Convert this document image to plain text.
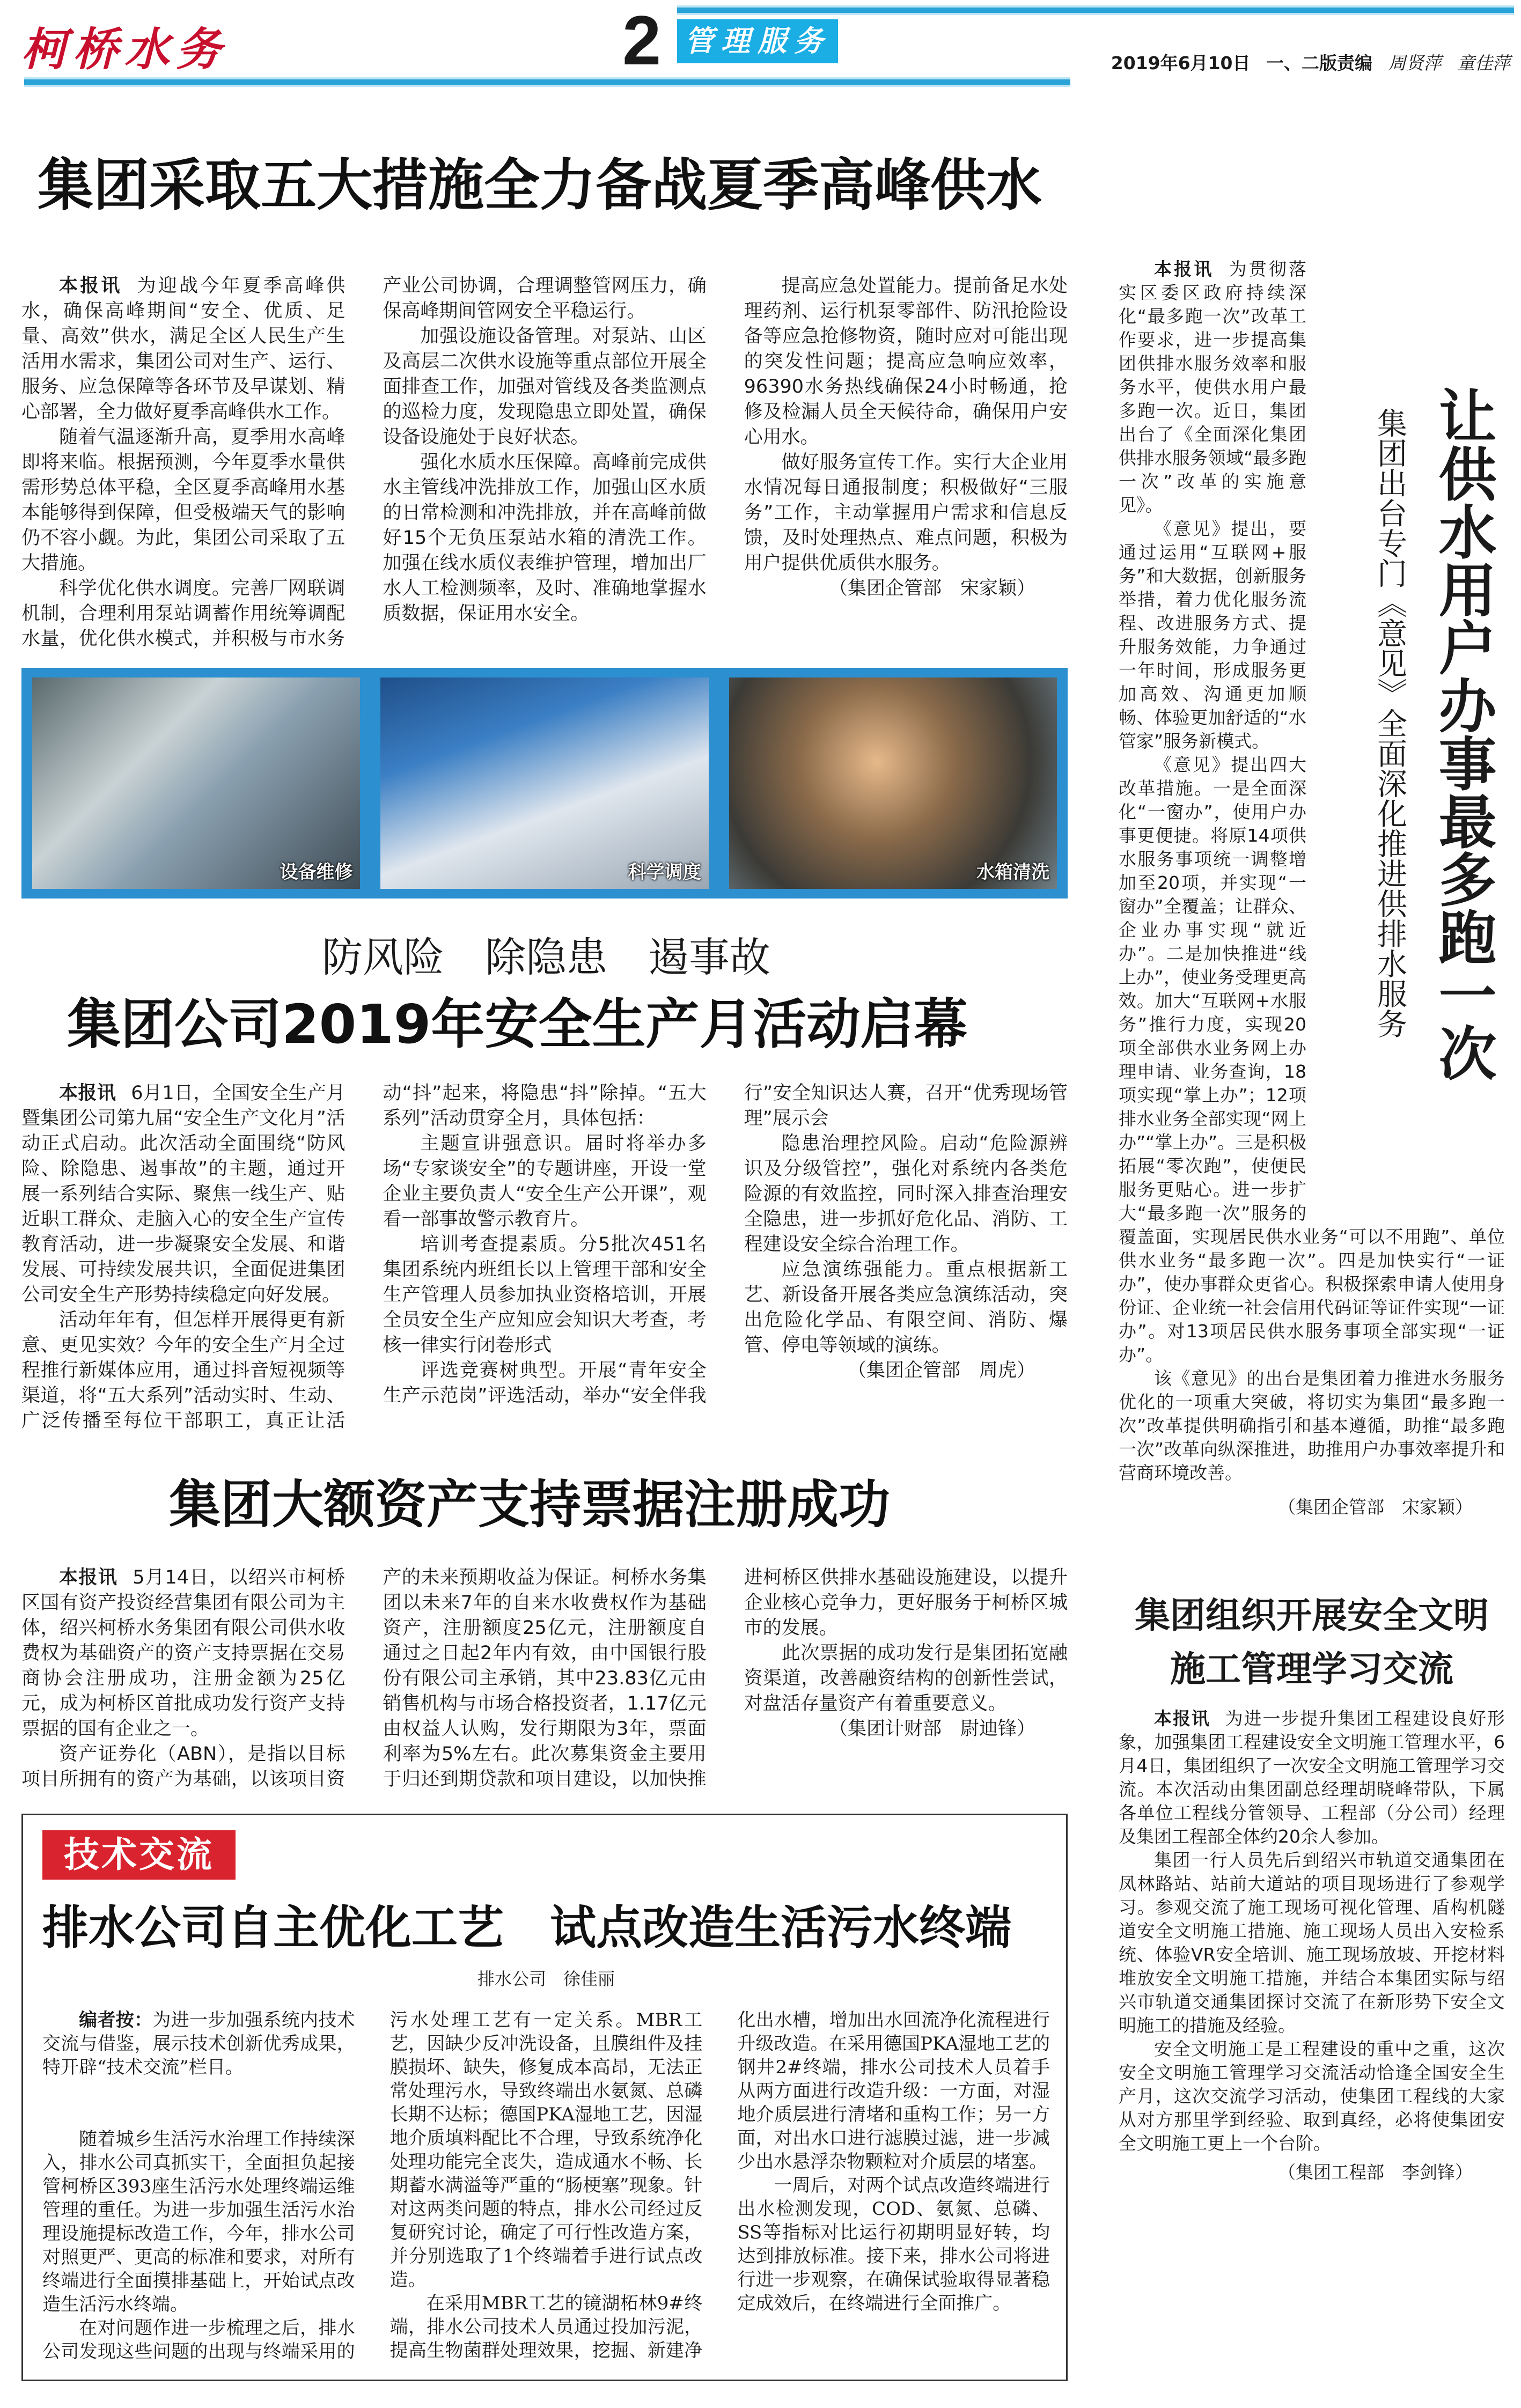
柯桥水务	2 管理服务
2019年6月10日 一、二版责编 周贤萍 童佳萍
集团采取五大措施全力备战夏季高峰供水

本报讯 为迎战今年夏季高峰供水，确保高峰期间“安全、优质、足量、高效”供水，满足全区人民生产生活用水需求，集团公司对生产、运行、服务、应急保障等各环节及早谋划、精心部署，全力做好夏季高峰供水工作。

随着气温逐渐升高，夏季用水高峰即将来临。根据预测，今年夏季水量供需形势总体平稳，全区夏季高峰用水基本能够得到保障，但受极端天气的影响仍不容小觑。为此，集团公司采取了五大措施。

科学优化供水调度。完善厂网联调机制，合理利用泵站调蓄作用统筹调配水量，优化供水模式，并积极与市水务产业公司协调，合理调整管网压力，确保高峰期间管网安全平稳运行。

加强设施设备管理。对泵站、山区及高层二次供水设施等重点部位开展全面排查工作，加强对管线及各类监测点的巡检力度，发现隐患立即处置，确保设备设施处于良好状态。

强化水质水压保障。高峰前完成供水主管线冲洗排放工作，加强山区水质的日常检测和冲洗排放，并在高峰前做好15个无负压泵站水箱的清洗工作。加强在线水质仪表维护管理，增加出厂水人工检测频率，及时、准确地掌握水质数据，保证用水安全。

提高应急处置能力。提前备足水处理药剂、运行机泵零部件、防汛抢险设备等应急抢修物资，随时应对可能出现的突发性问题；提高应急响应效率，96390水务热线确保24小时畅通，抢修及检漏人员全天候待命，确保用户安心用水。

做好服务宣传工作。实行大企业用水情况每日通报制度；积极做好“三服务”工作，主动掌握用户需求和信息反馈，及时处理热点、难点问题，积极为用户提供优质供水服务。

（集团企管部　宋家颖）

设备维修	科学调度	水箱清洗
防风险　除隐患　遏事故
集团公司2019年安全生产月活动启幕

本报讯 6月1日，全国安全生产月暨集团公司第九届“安全生产文化月”活动正式启动。此次活动全面围绕“防风险、除隐患、遏事故”的主题，通过开展一系列结合实际、聚焦一线生产、贴近职工群众、走脑入心的安全生产宣传教育活动，进一步凝聚安全发展、和谐发展、可持续发展共识，全面促进集团公司安全生产形势持续稳定向好发展。

活动年年有，但怎样开展得更有新意、更见实效？今年的安全生产月全过程推行新媒体应用，通过抖音短视频等渠道，将“五大系列”活动实时、生动、广泛传播至每位干部职工，真正让活动“抖”起来，将隐患“抖”除掉。“五大系列”活动贯穿全月，具体包括：

主题宣讲强意识。届时将举办多场“专家谈安全”的专题讲座，开设一堂企业主要负责人“安全生产公开课”，观看一部事故警示教育片。

培训考查提素质。分5批次451名集团系统内班组长以上管理干部和安全生产管理人员参加执业资格培训，开展全员安全生产应知应会知识大考查，考核一律实行闭卷形式

评选竞赛树典型。开展“青年安全生产示范岗”评选活动，举办“安全伴我行”安全知识达人赛，召开“优秀现场管理”展示会

隐患治理控风险。启动“危险源辨识及分级管控”，强化对系统内各类危险源的有效监控，同时深入排查治理安全隐患，进一步抓好危化品、消防、工程建设安全综合治理工作。

应急演练强能力。重点根据新工艺、新设备开展各类应急演练活动，突出危险化学品、有限空间、消防、爆管、停电等领域的演练。

（集团企管部　周虎）

集团大额资产支持票据注册成功

本报讯 5月14日，以绍兴市柯桥区国有资产投资经营集团有限公司为主体，绍兴柯桥水务集团有限公司供水收费权为基础资产的资产支持票据在交易商协会注册成功，注册金额为25亿元，成为柯桥区首批成功发行资产支持票据的国有企业之一。

资产证券化（ABN），是指以目标项目所拥有的资产为基础，以该项目资产的未来预期收益为保证。柯桥水务集团以未来7年的自来水收费权作为基础资产，注册额度25亿元，注册额度自通过之日起2年内有效，由中国银行股份有限公司主承销，其中23.83亿元由销售机构与市场合格投资者，1.17亿元由权益人认购，发行期限为3年，票面利率为5%左右。此次募集资金主要用于归还到期贷款和项目建设，以加快推进柯桥区供排水基础设施建设，以提升企业核心竞争力，更好服务于柯桥区城市的发展。

此次票据的成功发行是集团拓宽融资渠道，改善融资结构的创新性尝试，对盘活存量资产有着重要意义。

（集团计财部　尉迪锋）

技术交流
排水公司自主优化工艺　试点改造生活污水终端
排水公司　徐佳丽

编者按：为进一步加强系统内技术交流与借鉴，展示技术创新优秀成果，特开辟“技术交流”栏目。

随着城乡生活污水治理工作持续深入，排水公司真抓实干，全面担负起接管柯桥区393座生活污水处理终端运维管理的重任。为进一步加强生活污水治理设施提标改造工作，今年，排水公司对照更严、更高的标准和要求，对所有终端进行全面摸排基础上，开始试点改造生活污水终端。

在对问题作进一步梳理之后，排水公司发现这些问题的出现与终端采用的污水处理工艺有一定关系。MBR工艺，因缺少反冲洗设备，且膜组件及挂膜损坏、缺失，修复成本高昂，无法正常处理污水，导致终端出水氨氮、总磷长期不达标；德国PKA湿地工艺，因湿地介质填料配比不合理，导致系统净化处理功能完全丧失，造成通水不畅、长期蓄水满溢等严重的“肠梗塞”现象。针对这两类问题的特点，排水公司经过反复研究讨论，确定了可行性改造方案，并分别选取了1个终端着手进行试点改造。

在采用MBR工艺的镜湖柘林9#终端，排水公司技术人员通过投加污泥，提高生物菌群处理效果，挖掘、新建净化出水槽，增加出水回流净化流程进行升级改造。在采用德国PKA湿地工艺的钢井2#终端，排水公司技术人员着手从两方面进行改造升级：一方面，对湿地介质层进行清堵和重构工作；另一方面，对出水口进行滤膜过滤，进一步减少出水悬浮杂物颗粒对介质层的堵塞。

一周后，对两个试点改造终端进行出水检测发现，COD、氨氮、总磷、SS等指标对比运行初期明显好转，均达到排放标准。接下来，排水公司将进行进一步观察，在确保试验取得显著稳定成效后，在终端进行全面推广。

让供水用户办事最多跑一次
集团出台专门《意见》全面深化推进供排水服务

本报讯 为贯彻落实区委区政府持续深化“最多跑一次”改革工作要求，进一步提高集团供排水服务效率和服务水平，使供水用户最多跑一次。近日，集团出台了《全面深化集团供排水服务领域“最多跑一次”改革的实施意见》。

《意见》提出，要通过运用“互联网+服务”和大数据，创新服务举措，着力优化服务流程、改进服务方式、提升服务效能，力争通过一年时间，形成服务更加高效、沟通更加顺畅、体验更加舒适的“水管家”服务新模式。

《意见》提出四大改革措施。一是全面深化“一窗办”，使用户办事更便捷。将原14项供水服务事项统一调整增加至20项，并实现“一窗办”全覆盖；让群众、企业办事实现“就近办”。二是加快推进“线上办”，使业务受理更高效。加大“互联网+水服务”推行力度，实现20项全部供水业务网上办理申请、业务查询，18项实现“掌上办”；12项排水业务全部实现“网上办”“掌上办”。三是积极拓展“零次跑”，使便民服务更贴心。进一步扩大“最多跑一次”服务的覆盖面，实现居民供水业务“可以不用跑”、单位供水业务“最多跑一次”。四是加快实行“一证办”，使办事群众更省心。积极探索申请人使用身份证、企业统一社会信用代码证等证件实现“一证办”。对13项居民供水服务事项全部实现“一证办”。

该《意见》的出台是集团着力推进水务服务优化的一项重大突破，将切实为集团“最多跑一次”改革提供明确指引和基本遵循，助推“最多跑一次”改革向纵深推进，助推用户办事效率提升和营商环境改善。

（集团企管部　宋家颖）

集团组织开展安全文明
施工管理学习交流

本报讯 为进一步提升集团工程建设良好形象，加强集团工程建设安全文明施工管理水平，6月4日，集团组织了一次安全文明施工管理学习交流。本次活动由集团副总经理胡晓峰带队，下属各单位工程线分管领导、工程部（分公司）经理及集团工程部全体约20余人参加。

集团一行人员先后到绍兴市轨道交通集团在凤林路站、站前大道站的项目现场进行了参观学习。参观交流了施工现场可视化管理、盾构机隧道安全文明施工措施、施工现场人员出入安检系统、体验VR安全培训、施工现场放坡、开挖材料堆放安全文明施工措施，并结合本集团实际与绍兴市轨道交通集团探讨交流了在新形势下安全文明施工的措施及经验。

安全文明施工是工程建设的重中之重，这次安全文明施工管理学习交流活动恰逢全国安全生产月，这次交流学习活动，使集团工程线的大家从对方那里学到经验、取到真经，必将使集团安全文明施工更上一个台阶。

（集团工程部　李剑锋）
